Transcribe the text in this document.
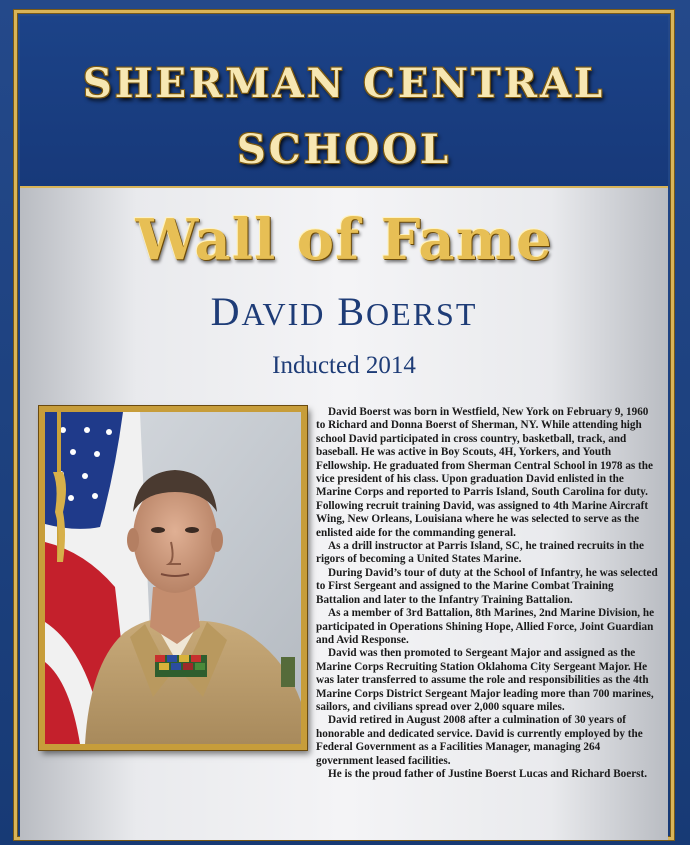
SHERMAN CENTRAL
SCHOOL
Wall of Fame
DAVID BOERST
Inducted 2014

David Boerst was born in Westfield, New York on February 9, 1960 to Richard and Donna Boerst of Sherman, NY. While attending high school David participated in cross country, basketball, track, and baseball. He was active in Boy Scouts, 4H, Yorkers, and Youth Fellowship. He graduated from Sherman Central School in 1978 as the vice president of his class. Upon graduation David enlisted in the Marine Corps and reported to Parris Island, South Carolina for duty. Following recruit training David, was assigned to 4th Marine Aircraft Wing, New Orleans, Louisiana where he was selected to serve as the enlisted aide for the commanding general.

As a drill instructor at Parris Island, SC, he trained recruits in the rigors of becoming a United States Marine.

During David’s tour of duty at the School of Infantry, he was selected to First Sergeant and assigned to the Marine Combat Training Battalion and later to the Infantry Training Battalion.

As a member of 3rd Battalion, 8th Marines, 2nd Marine Division, he participated in Operations Shining Hope, Allied Force, Joint Guardian and Avid Response.

David was then promoted to Sergeant Major and assigned as the Marine Corps Recruiting Station Oklahoma City Sergeant Major. He was later transferred to assume the role and responsibilities as the 4th Marine Corps District Sergeant Major leading more than 700 marines, sailors, and civilians spread over 2,000 square miles.

David retired in August 2008 after a culmination of 30 years of honorable and dedicated service. David is currently employed by the Federal Government as a Facilities Manager, managing 264 government leased facilities.

He is the proud father of Justine Boerst Lucas and Richard Boerst.
